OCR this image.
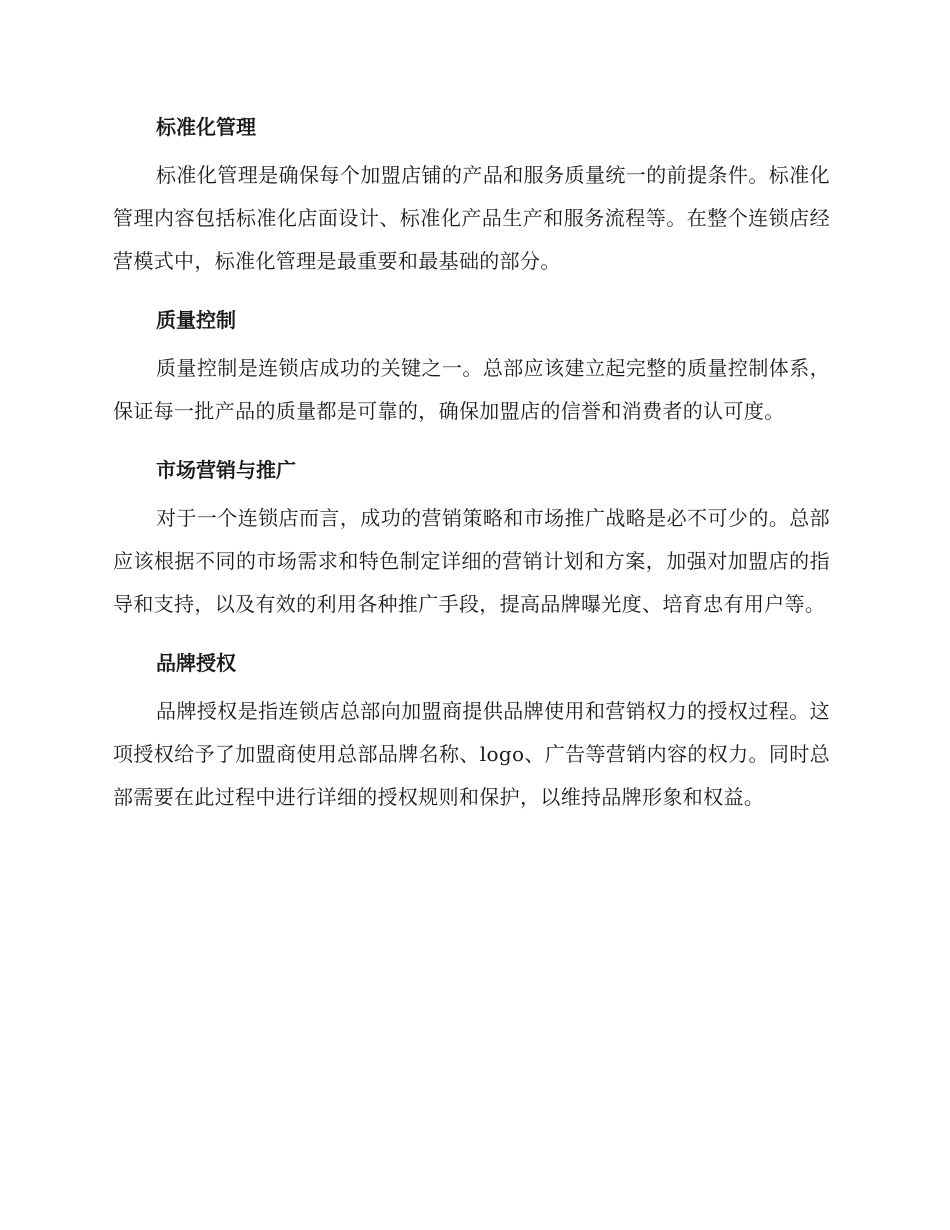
标准化管理

标准化管理是确保每个加盟店铺的产品和服务质量统一的前提条件。标准化管理内容包括标准化店面设计、标准化产品生产和服务流程等。在整个连锁店经营模式中，标准化管理是最重要和最基础的部分。

质量控制

质量控制是连锁店成功的关键之一。总部应该建立起完整的质量控制体系，保证每一批产品的质量都是可靠的，确保加盟店的信誉和消费者的认可度。

市场营销与推广

对于一个连锁店而言，成功的营销策略和市场推广战略是必不可少的。总部应该根据不同的市场需求和特色制定详细的营销计划和方案，加强对加盟店的指导和支持，以及有效的利用各种推广手段，提高品牌曝光度、培育忠有用户等。

品牌授权

品牌授权是指连锁店总部向加盟商提供品牌使用和营销权力的授权过程。这项授权给予了加盟商使用总部品牌名称、logo、广告等营销内容的权力。同时总部需要在此过程中进行详细的授权规则和保护，以维持品牌形象和权益。
